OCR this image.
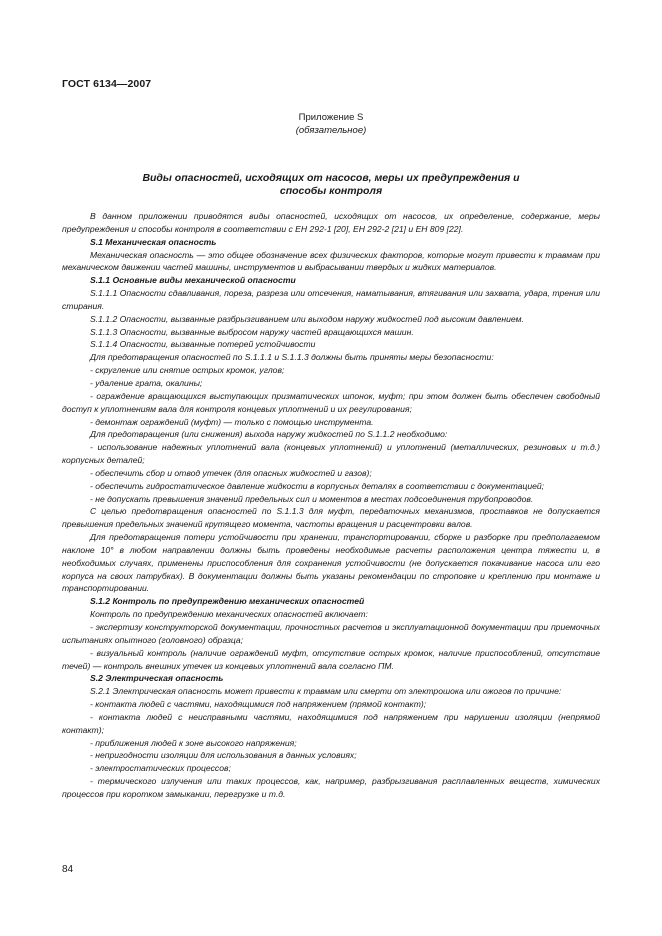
ГОСТ 6134—2007
Приложение S
(обязательное)
Виды опасностей, исходящих от насосов, меры их предупреждения и
способы контроля

В данном приложении приводятся виды опасностей, исходящих от насосов, их определение, содержание, меры предупреждения и способы контроля в соответствии с ЕН 292-1 [20], ЕН 292-2 [21] и ЕН 809 [22].

S.1 Механическая опасность

Механическая опасность — это общее обозначение всех физических факторов, которые могут привести к травмам при механическом движении частей машины, инструментов и выбрасывании твердых и жидких материалов.

S.1.1 Основные виды механической опасности

S.1.1.1 Опасности сдавливания, пореза, разреза или отсечения, наматывания, втягивания или захвата, удара, трения или стирания.

S.1.1.2 Опасности, вызванные разбрызгиванием или выходом наружу жидкостей под высоким давлением.

S.1.1.3 Опасности, вызванные выбросом наружу частей вращающихся машин.

S.1.1.4 Опасности, вызванные потерей устойчивости

Для предотвращения опасностей по S.1.1.1 и S.1.1.3 должны быть приняты меры безопасности:

- скругление или снятие острых кромок, углов;

- удаление грата, окалины;

- ограждение вращающихся выступающих призматических шпонок, муфт; при этом должен быть обеспечен свободный доступ к уплотнениям вала для контроля концевых уплотнений и их регулирования;

- демонтаж ограждений (муфт) — только с помощью инструмента.

Для предотвращения (или снижения) выхода наружу жидкостей по S.1.1.2 необходимо:

- использование надежных уплотнений вала (концевых уплотнений) и уплотнений (металлических, резиновых и т.д.) корпусных деталей;

- обеспечить сбор и отвод утечек (для опасных жидкостей и газов);

- обеспечить гидростатическое давление жидкости в корпусных деталях в соответствии с документацией;

- не допускать превышения значений предельных сил и моментов в местах подсоединения трубопроводов.

С целью предотвращения опасностей по S.1.1.3 для муфт, передаточных механизмов, проставков не допускается превышения предельных значений крутящего момента, частоты вращения и расцентровки валов.

Для предотвращения потери устойчивости при хранении, транспортировании, сборке и разборке при предполагаемом наклоне 10° в любом направлении должны быть проведены необходимые расчеты расположения центра тяжести и, в необходимых случаях, применены приспособления для сохранения устойчивости (не допускается покачивание насоса или его корпуса на своих патрубках). В документации должны быть указаны рекомендации по строповке и креплению при монтаже и транспортировании.

S.1.2 Контроль по предупреждению механических опасностей

Контроль по предупреждению механических опасностей включает:

- экспертизу конструкторской документации, прочностных расчетов и эксплуатационной документации при приемочных испытаниях опытного (головного) образца;

- визуальный контроль (наличие ограждений муфт, отсутствие острых кромок, наличие приспособлений, отсутствие течей) — контроль внешних утечек из концевых уплотнений вала согласно ПМ.

S.2 Электрическая опасность

S.2.1 Электрическая опасность может привести к травмам или смерти от электрошока или ожогов по причине:

- контакта людей с частями, находящимися под напряжением (прямой контакт);

- контакта людей с неисправными частями, находящимися под напряжением при нарушении изоляции (непрямой контакт);

- приближения людей к зоне высокого напряжения;

- непригодности изоляции для использования в данных условиях;

- электростатических процессов;

- термического излучения или таких процессов, как, например, разбрызгивания расплавленных веществ, химических процессов при коротком замыкании, перегрузке и т.д.

84
